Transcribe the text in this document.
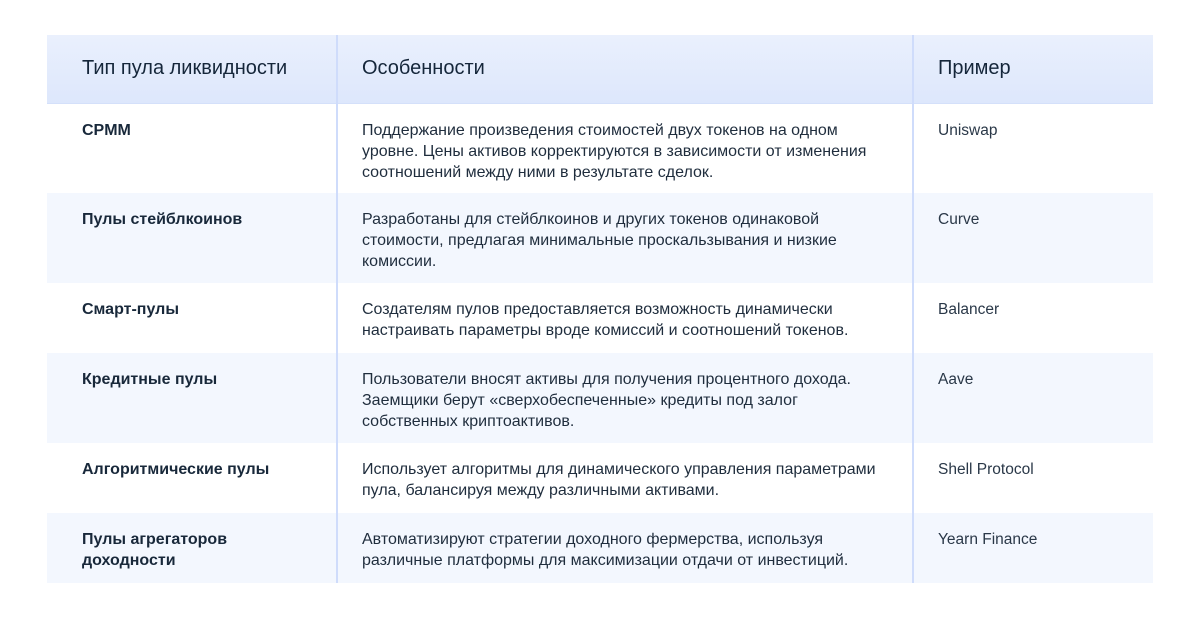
Тип пула ликвидности	Особенности	Пример
CPMM	Поддержание произведения стоимостей двух токенов на одном уровне. Цены активов корректируются в зависимости от изменения соотношений между ними в результате сделок.	Uniswap
Пулы стейблкоинов	Разработаны для стейблкоинов и других токенов одинаковой стоимости, предлагая минимальные проскальзывания и низкие комиссии.	Curve
Смарт-пулы	Создателям пулов предоставляется возможность динамически настраивать параметры вроде комиссий и соотношений токенов.	Balancer
Кредитные пулы	Пользователи вносят активы для получения процентного дохода. Заемщики берут «сверхобеспеченные» кредиты под залог собственных криптоактивов.	Aave
Алгоритмические пулы	Использует алгоритмы для динамического управления параметрами пула, балансируя между различными активами.	Shell Protocol
Пулы агрегаторов доходности	Автоматизируют стратегии доходного фермерства, используя различные платформы для максимизации отдачи от инвестиций.	Yearn Finance
